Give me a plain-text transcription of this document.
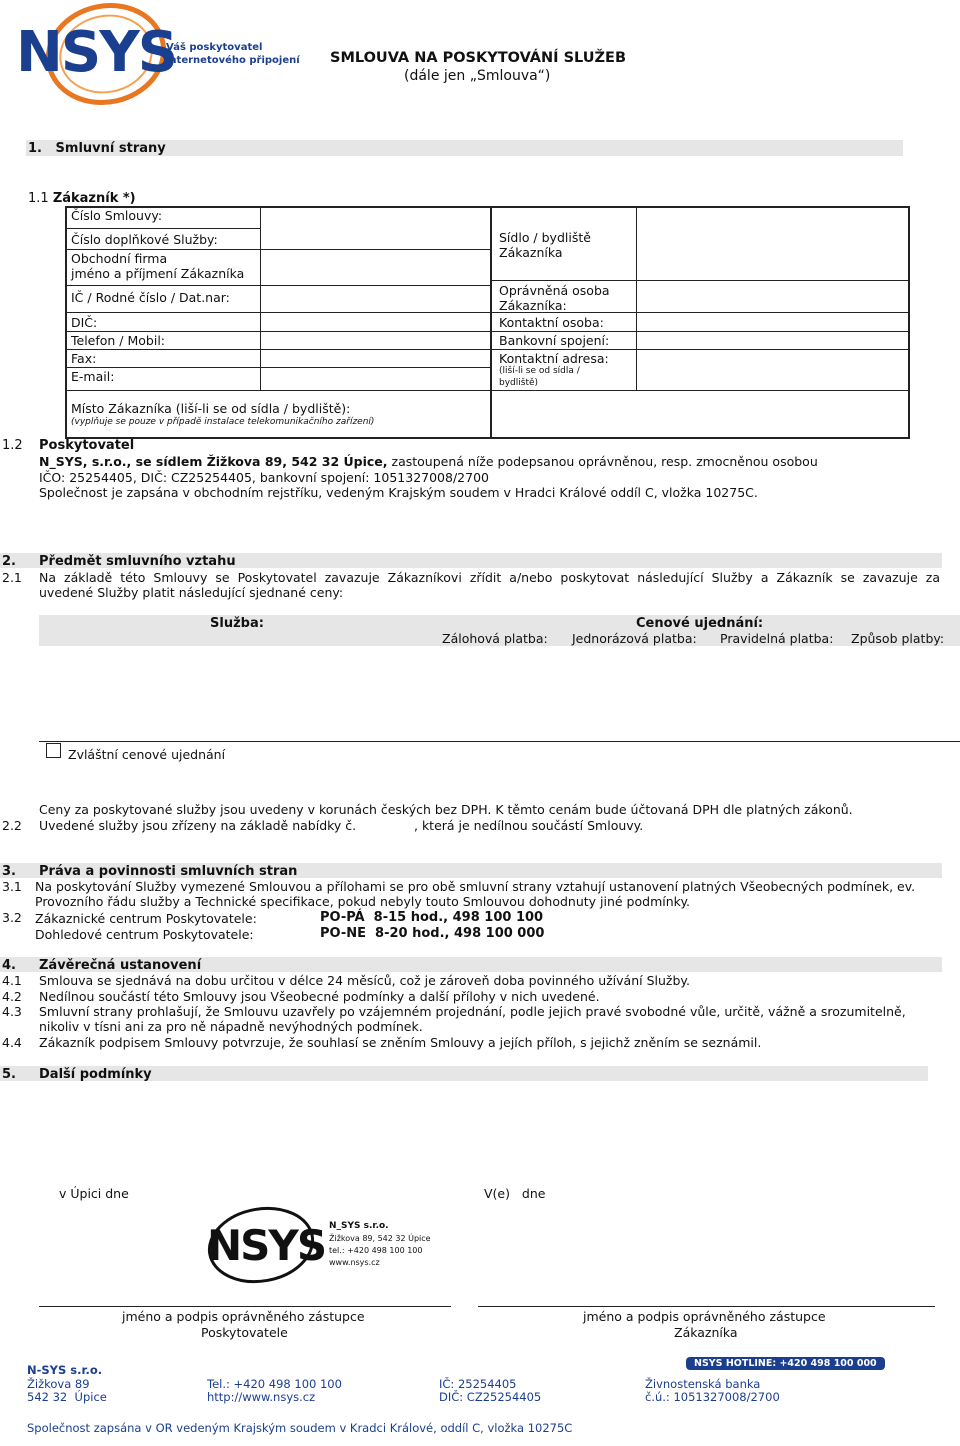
NSYS
Váš poskytovatel
internetového připojení SMLOUVA NA POSKYTOVÁNÍ SLUŽEB
(dále jen „Smlouva“)
1.   Smluvní strany
1.1 Zákazník *)
Číslo Smlouvy:
Číslo doplňkové Služby:
Obchodní firma
jméno a příjmení Zákazníka
IČ / Rodné číslo / Dat.nar:
DIČ:
Telefon / Mobil:
Fax:
E-mail:
Sídlo / bydliště
Zákazníka
Oprávněná osoba
Zákazníka:
Kontaktní osoba:
Bankovní spojení:
Kontaktní adresa:
(liší-li se od sídla /
bydliště)
Místo Zákazníka (liší-li se od sídla / bydliště):
(vyplňuje se pouze v případě instalace telekomunikačního zařízení)
1.2 Poskytovatel
N_SYS, s.r.o., se sídlem Žižkova 89, 542 32 Úpice, zastoupená níže podepsanou oprávněnou, resp. zmocněnou osobou
IČO: 25254405, DIČ: CZ25254405, bankovní spojení: 1051327008/2700
Společnost je zapsána v obchodním rejstříku, vedeným Krajským soudem v Hradci Králové oddíl C, vložka 10275C.
2. Předmět smluvního vztahu
2.1 Na základě této Smlouvy se Poskytovatel zavazuje Zákazníkovi zřídit a/nebo poskytovat následující Služby a Zákazník se zavazuje za
uvedené Služby platit následující sjednané ceny:
Služba:	Cenové ujednání:
Zálohová platba: Jednorázová platba: Pravidelná platba: Způsob platby:
Zvláštní cenové ujednání
Ceny za poskytované služby jsou uvedeny v korunách českých bez DPH. K těmto cenám bude účtovaná DPH dle platných zákonů.
2.2 Uvedené služby jsou zřízeny na základě nabídky č.	, která je nedílnou součástí Smlouvy.
3. Práva a povinnosti smluvních stran
3.1 Na poskytování Služby vymezené Smlouvou a přílohami se pro obě smluvní strany vztahují ustanovení platných Všeobecných podmínek, ev.
Provozního řádu služby a Technické specifikace, pokud nebyly touto Smlouvou dohodnuty jiné podmínky.
3.2 Zákaznické centrum Poskytovatele:	PO-PÁ  8-15 hod., 498 100 100
Dohledové centrum Poskytovatele:	PO-NE  8-20 hod., 498 100 000
4. Závěrečná ustanovení
4.1 Smlouva se sjednává na dobu určitou v délce 24 měsíců, což je zároveň doba povinného užívání Služby.
4.2 Nedílnou součástí této Smlouvy jsou Všeobecné podmínky a další přílohy v nich uvedené.
4.3 Smluvní strany prohlašují, že Smlouvu uzavřely po vzájemném projednání, podle jejich pravé svobodné vůle, určitě, vážně a srozumitelně,
nikoliv v tísni ani za pro ně nápadně nevýhodných podmínek.
4.4 Zákazník podpisem Smlouvy potvrzuje, že souhlasí se zněním Smlouvy a jejích příloh, s jejichž zněním se seznámil.
5. Další podmínky
v Úpici dne	V(e)   dne
NSYS N_SYS s.r.o.
Žižkova 89, 542 32 Úpice
tel.: +420 498 100 100
www.nsys.cz
jméno a podpis oprávněného zástupce
Poskytovatele
jméno a podpis oprávněného zástupce
Zákazníka
N-SYS s.r.o.
Žižkova 89
542 32  Úpice
Tel.: +420 498 100 100
http://www.nsys.cz
IČ: 25254405
DIČ: CZ25254405
NSYS HOTLINE: +420 498 100 000
Živnostenská banka
č.ú.: 1051327008/2700
Společnost zapsána v OR vedeným Krajským soudem v Kradci Králové, oddíl C, vložka 10275C
